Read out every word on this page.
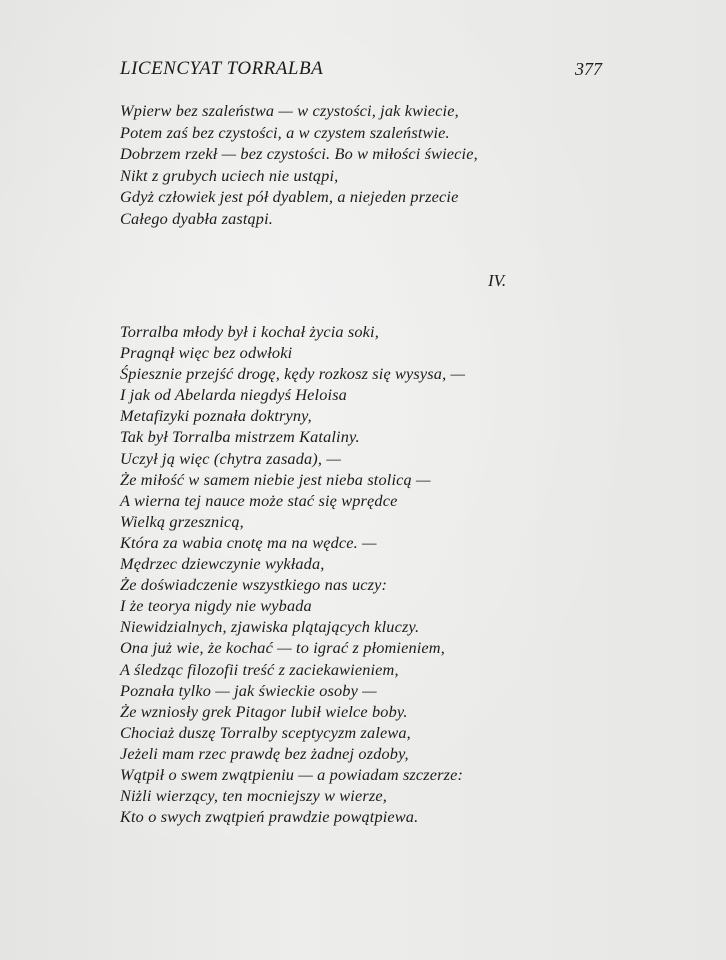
LICENCYAT TORRALBA	377
Wpierw bez szaleństwa — w czystości, jak kwiecie,
Potem zaś bez czystości, a w czystem szaleństwie.
Dobrzem rzekł — bez czystości. Bo w miłości świecie,
Nikt z grubych uciech nie ustąpi,
Gdyż człowiek jest pół dyablem, a niejeden przecie
Całego dyabła zastąpi.
IV.
Torralba młody był i kochał życia soki,
Pragnął więc bez odwłoki
Śpiesznie przejść drogę, kędy rozkosz się wysysa, —
I jak od Abelarda niegdyś Heloisa
Metafizyki poznała doktryny,
Tak był Torralba mistrzem Kataliny.
Uczył ją więc (chytra zasada), —
Że miłość w samem niebie jest nieba stolicą —
A wierna tej nauce może stać się wprędce
Wielką grzesznicą,
Która za wabia cnotę ma na wędce. —
Mędrzec dziewczynie wykłada,
Że doświadczenie wszystkiego nas uczy:
I że teorya nigdy nie wybada
Niewidzialnych, zjawiska plątających kluczy.
Ona już wie, że kochać — to igrać z płomieniem,
A śledząc filozofii treść z zaciekawieniem,
Poznała tylko — jak świeckie osoby —
Że wzniosły grek Pitagor lubił wielce boby.
Chociaż duszę Torralby sceptycyzm zalewa,
Jeżeli mam rzec prawdę bez żadnej ozdoby,
Wątpił o swem zwątpieniu — a powiadam szczerze:
Niżli wierzący, ten mocniejszy w wierze,
Kto o swych zwątpień prawdzie powątpiewa.
